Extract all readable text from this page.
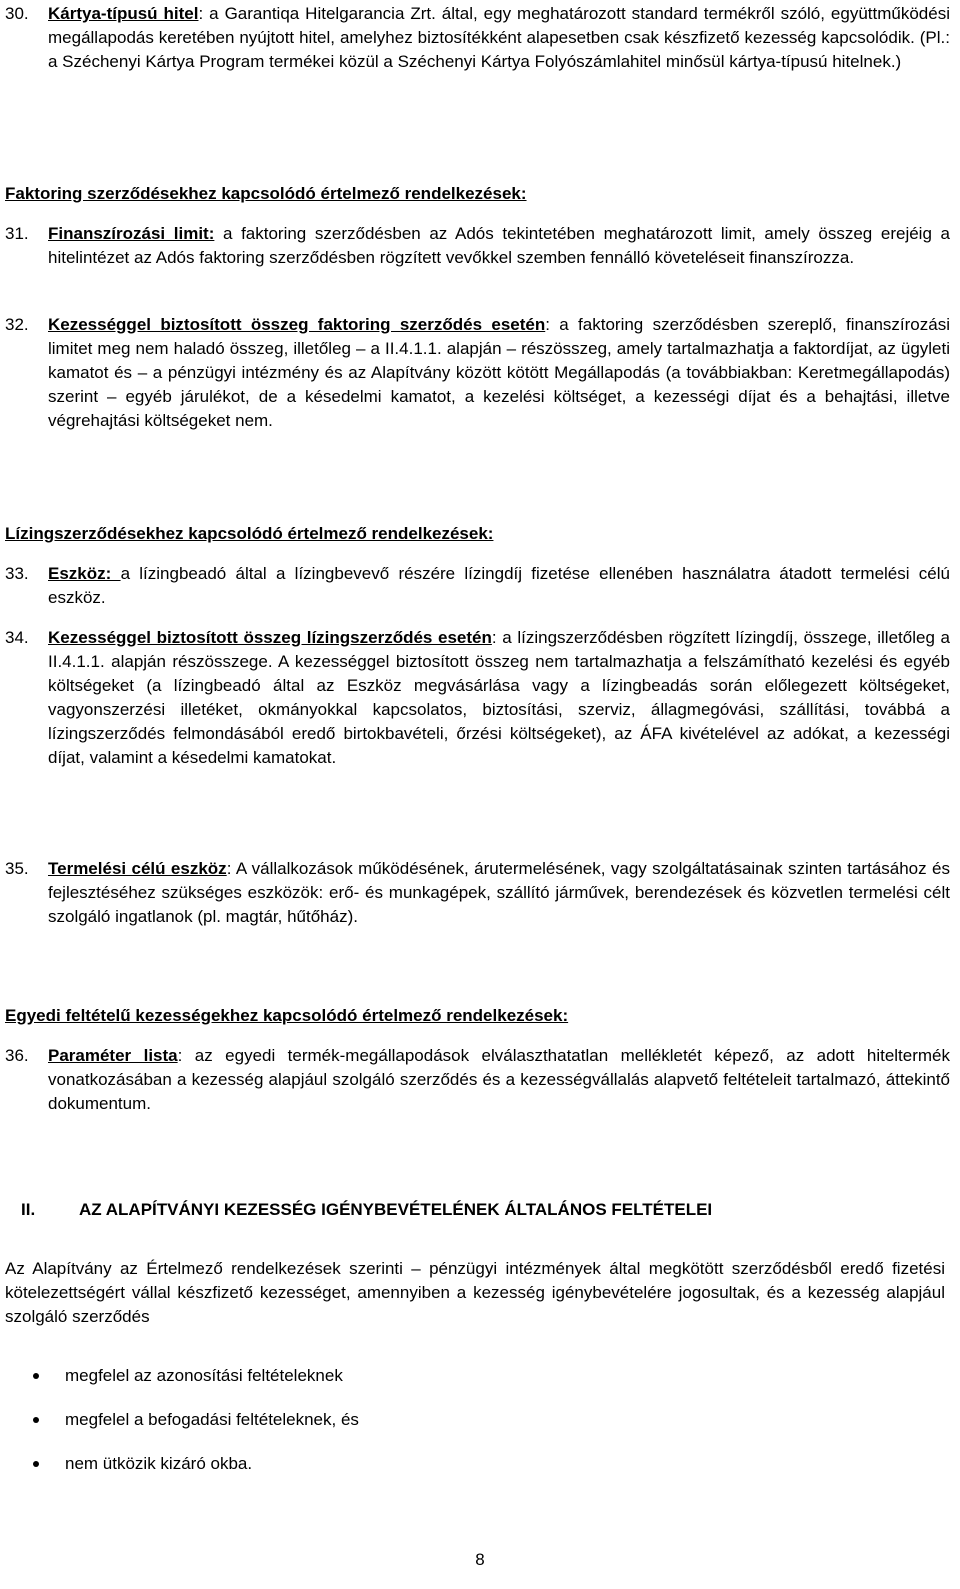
30. Kártya-típusú hitel: a Garantiqa Hitelgarancia Zrt. által, egy meghatározott standard termékről szóló, együttműködési megállapodás keretében nyújtott hitel, amelyhez biztosítékként alapesetben csak készfizető kezesség kapcsolódik. (Pl.: a Széchenyi Kártya Program termékei közül a Széchenyi Kártya Folyószámlahitel minősül kártya-típusú hitelnek.)
Faktoring szerződésekhez kapcsolódó értelmező rendelkezések:
31. Finanszírozási limit: a faktoring szerződésben az Adós tekintetében meghatározott limit, amely összeg erejéig a hitelintézet az Adós faktoring szerződésben rögzített vevőkkel szemben fennálló követeléseit finanszírozza.
32. Kezességgel biztosított összeg faktoring szerződés esetén: a faktoring szerződésben szereplő, finanszírozási limitet meg nem haladó összeg, illetőleg – a II.4.1.1. alapján – részösszeg, amely tartalmazhatja a faktordíjat, az ügyleti kamatot és – a pénzügyi intézmény és az Alapítvány között kötött Megállapodás (a továbbiakban: Keretmegállapodás) szerint – egyéb járulékot, de a késedelmi kamatot, a kezelési költséget, a kezességi díjat és a behajtási, illetve végrehajtási költségeket nem.
Lízingszerződésekhez kapcsolódó értelmező rendelkezések:
33. Eszköz: a lízingbeadó által a lízingbevevő részére lízingdíj fizetése ellenében használatra átadott termelési célú eszköz.
34. Kezességgel biztosított összeg lízingszerződés esetén: a lízingszerződésben rögzített lízingdíj, összege, illetőleg a II.4.1.1. alapján részösszege. A kezességgel biztosított összeg nem tartalmazhatja a felszámítható kezelési és egyéb költségeket (a lízingbeadó által az Eszköz megvásárlása vagy a lízingbeadás során előlegezett költségeket, vagyonszerzési illetéket, okmányokkal kapcsolatos, biztosítási, szerviz, állagmegóvási, szállítási, továbbá a lízingszerződés felmondásából eredő birtokbavételi, őrzési költségeket), az ÁFA kivételével az adókat, a kezességi díjat, valamint a késedelmi kamatokat.
35. Termelési célú eszköz: A vállalkozások működésének, árutermelésének, vagy szolgáltatásainak szinten tartásához és fejlesztéséhez szükséges eszközök: erő- és munkagépek, szállító járművek, berendezések és közvetlen termelési célt szolgáló ingatlanok (pl. magtár, hűtőház).
Egyedi feltételű kezességekhez kapcsolódó értelmező rendelkezések:
36. Paraméter lista: az egyedi termék-megállapodások elválaszthatatlan mellékletét képező, az adott hiteltermék vonatkozásában a kezesség alapjául szolgáló szerződés és a kezességvállalás alapvető feltételeit tartalmazó, áttekintő dokumentum.
II.	AZ ALAPÍTVÁNYI KEZESSÉG IGÉNYBEVÉTELÉNEK ÁLTALÁNOS FELTÉTELEI
Az Alapítvány az Értelmező rendelkezések szerinti – pénzügyi intézmények által megkötött szerződésből eredő fizetési kötelezettségért vállal készfizető kezességet, amennyiben a kezesség igénybevételére jogosultak, és a kezesség alapjául szolgáló szerződés
megfelel az azonosítási feltételeknek
megfelel a befogadási feltételeknek, és
nem ütközik kizáró okba.
8
